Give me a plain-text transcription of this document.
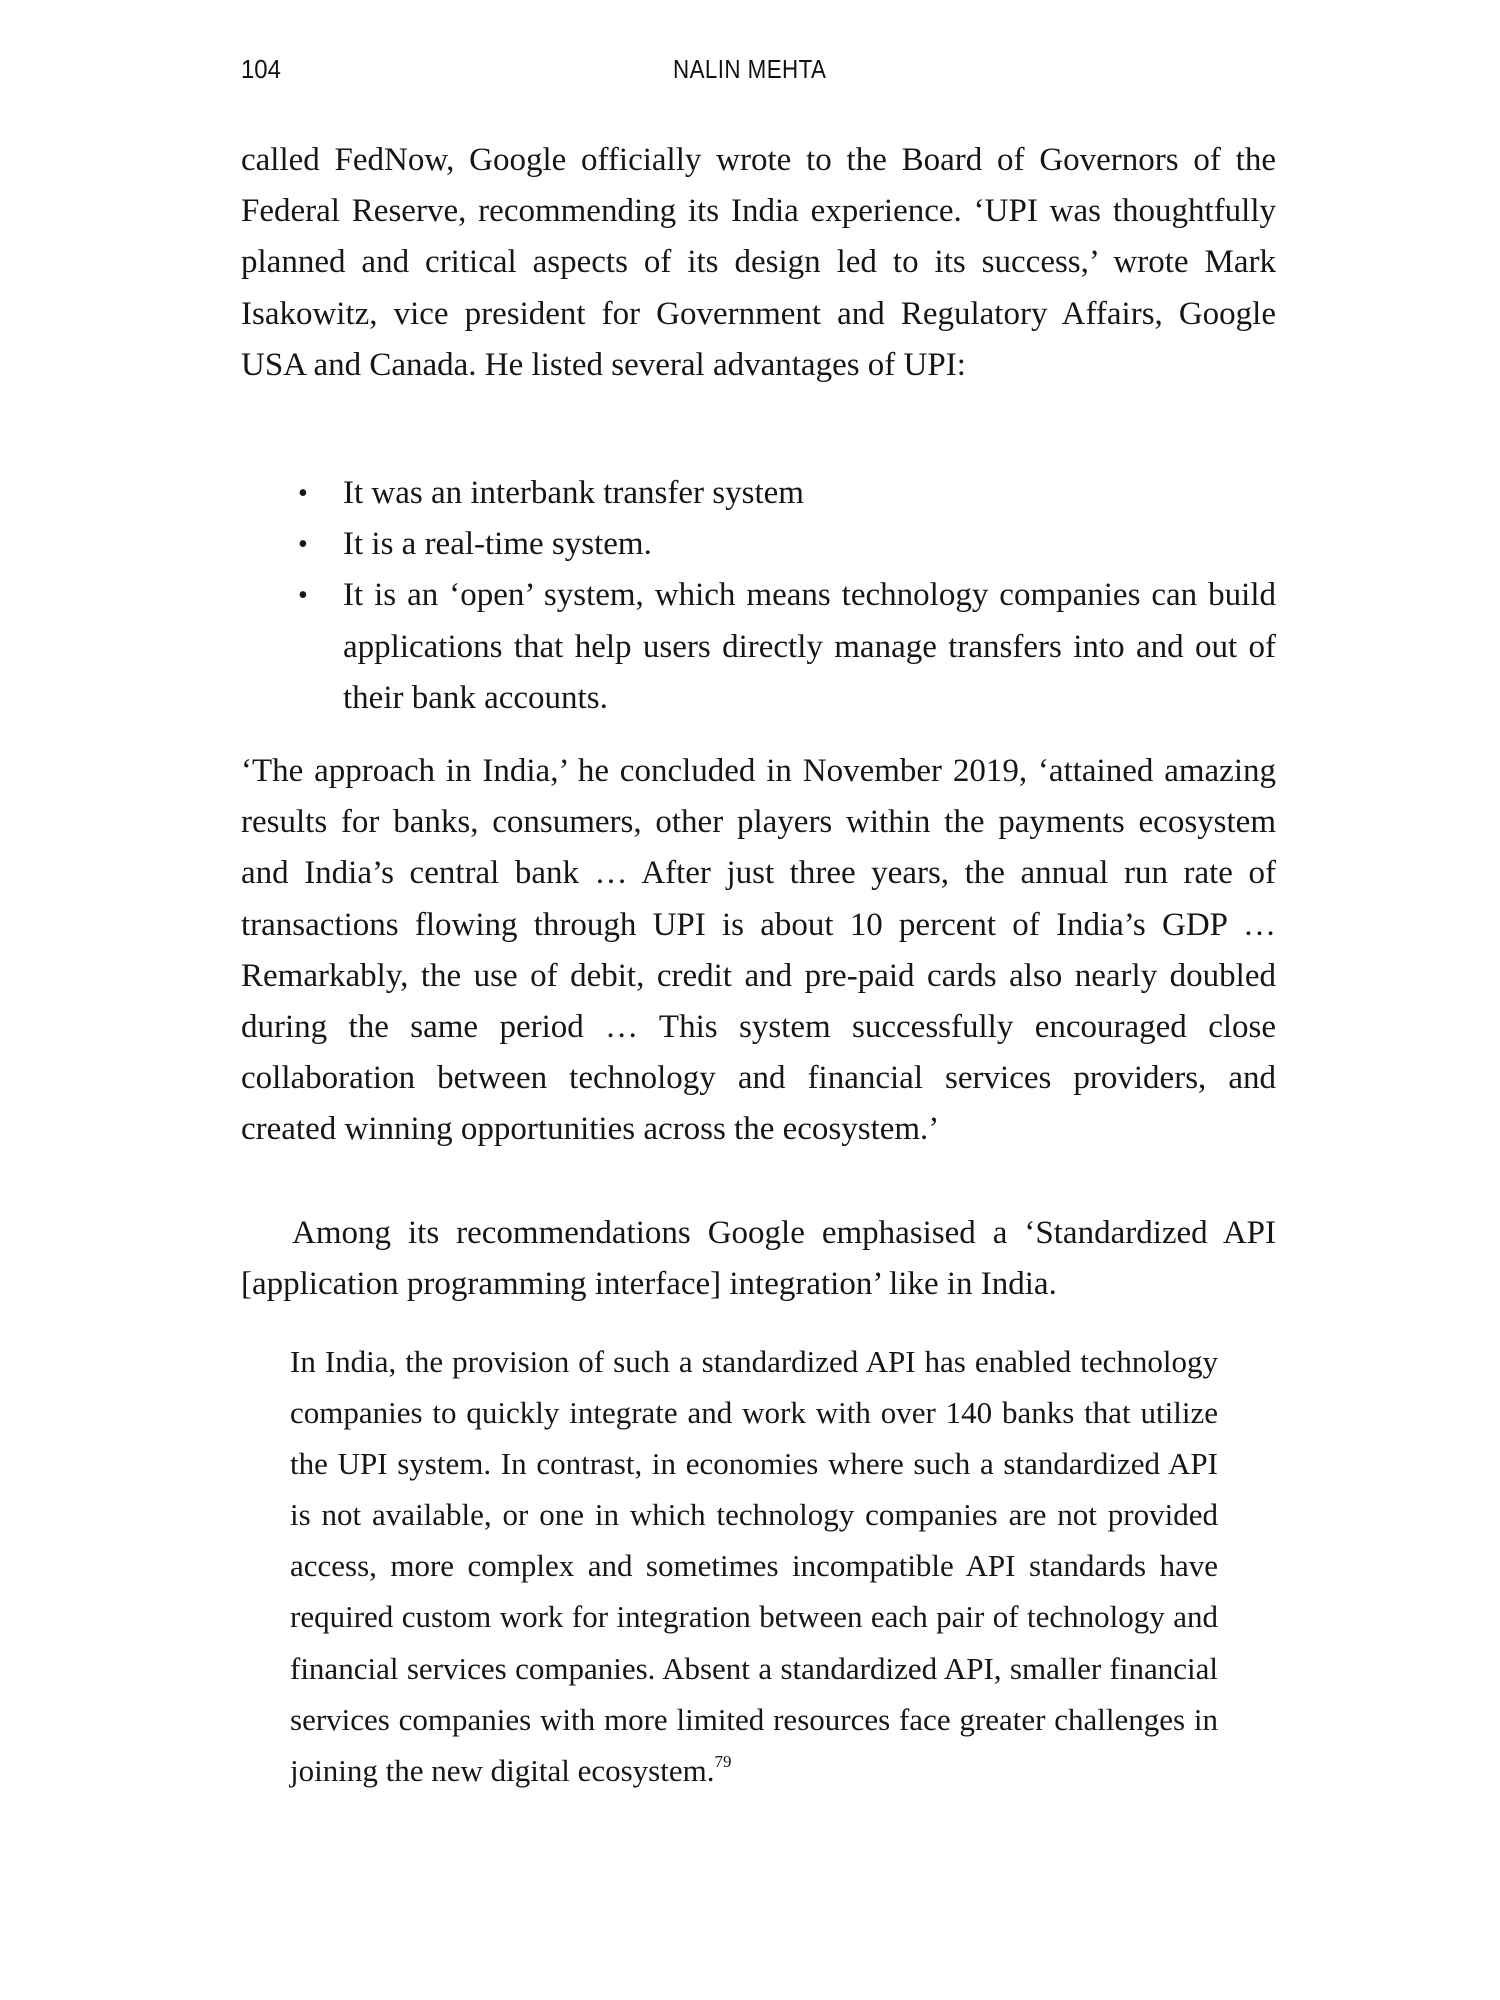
104	NALIN MEHTA

called FedNow, Google officially wrote to the Board of Governors of the Federal Reserve, recommending its India experience. ‘UPI was thoughtfully planned and critical aspects of its design led to its success,’ wrote Mark Isakowitz, vice president for Government and Regulatory Affairs, Google USA and Canada. He listed several advantages of UPI:

• It was an interbank transfer system
• It is a real-time system.
• It is an ‘open’ system, which means technology companies can build applications that help users directly manage transfers into and out of their bank accounts.

‘The approach in India,’ he concluded in November 2019, ‘attained amazing results for banks, consumers, other players within the payments ecosystem and India’s central bank … After just three years, the annual run rate of transactions flowing through UPI is about 10 percent of India’s GDP … Remarkably, the use of debit, credit and pre-paid cards also nearly doubled during the same period … This system successfully encouraged close collaboration between technology and financial services providers, and created winning opportunities across the ecosystem.’

Among its recommendations Google emphasised a ‘Standardized API [application programming interface] integration’ like in India.

In India, the provision of such a standardized API has enabled technology companies to quickly integrate and work with over 140 banks that utilize the UPI system. In contrast, in economies where such a standardized API is not available, or one in which technology companies are not provided access, more complex and sometimes incompatible API standards have required custom work for integration between each pair of technology and financial services companies. Absent a standardized API, smaller financial services companies with more limited resources face greater challenges in joining the new digital ecosystem.$^{79}$
